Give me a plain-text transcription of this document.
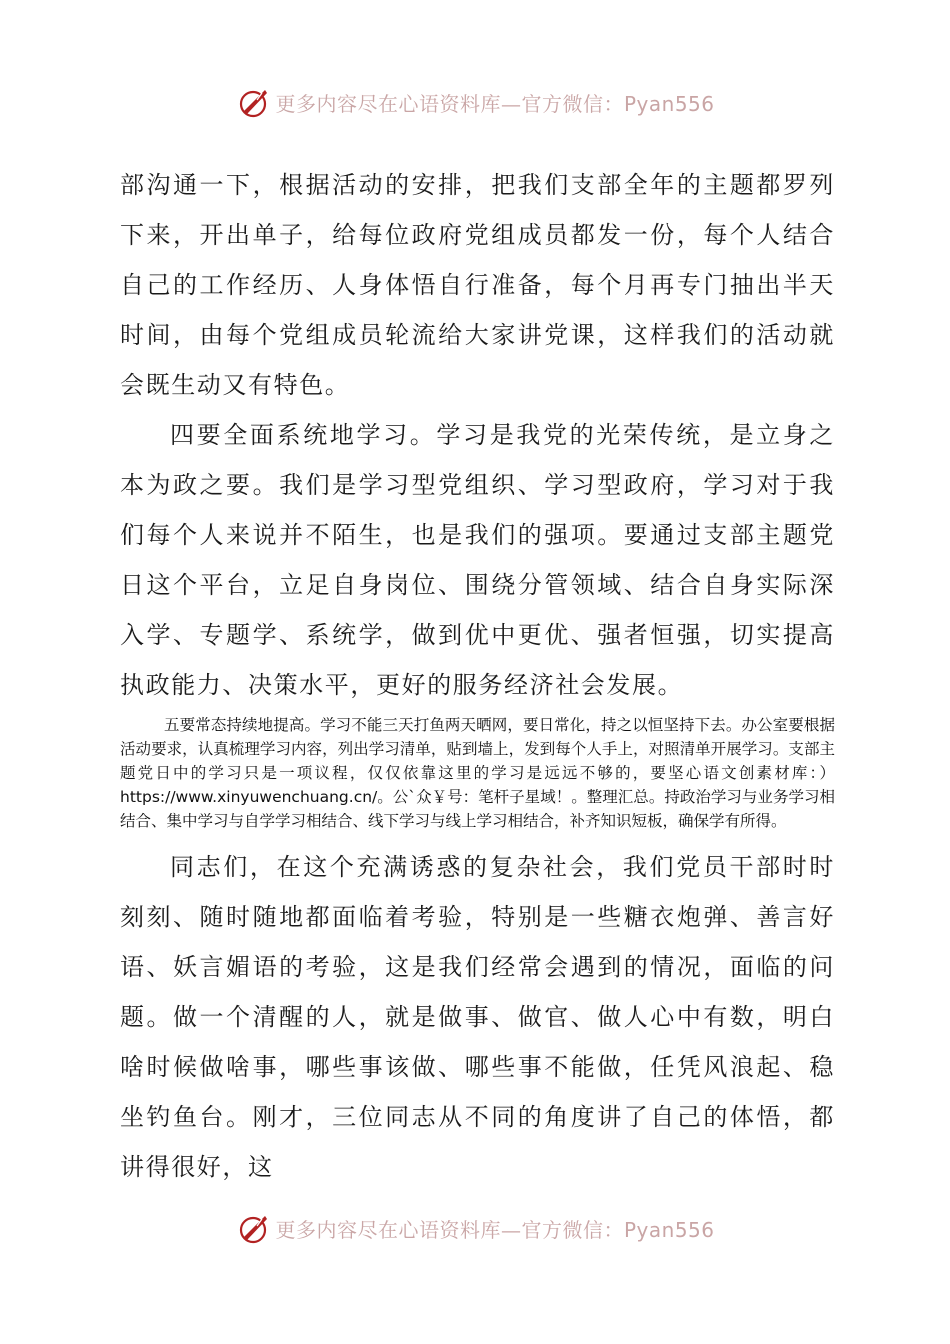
更多内容尽在心语资料库—官方微信：Pyan556

部沟通一下，根据活动的安排，把我们支部全年的主题都罗列下来，开出单子，给每位政府党组成员都发一份，每个人结合自己的工作经历、人身体悟自行准备，每个月再专门抽出半天时间，由每个党组成员轮流给大家讲党课，这样我们的活动就会既生动又有特色。

四要全面系统地学习。学习是我党的光荣传统，是立身之本为政之要。我们是学习型党组织、学习型政府，学习对于我们每个人来说并不陌生，也是我们的强项。要通过支部主题党日这个平台，立足自身岗位、围绕分管领域、结合自身实际深入学、专题学、系统学，做到优中更优、强者恒强，切实提高执政能力、决策水平，更好的服务经济社会发展。

五要常态持续地提高。学习不能三天打鱼两天晒网，要日常化，持之以恒坚持下去。办公室要根据活动要求，认真梳理学习内容，列出学习清单，贴到墙上，发到每个人手上，对照清单开展学习。支部主题党日中的学习只是一项议程，仅仅依靠这里的学习是远远不够的，要坚心语文创素材库：）https://www.xinyuwenchuang.cn/。公`众￥号：笔杆子星域！。整理汇总。持政治学习与业务学习相结合、集中学习与自学学习相结合、线下学习与线上学习相结合，补齐知识短板，确保学有所得。

同志们，在这个充满诱惑的复杂社会，我们党员干部时时刻刻、随时随地都面临着考验，特别是一些糖衣炮弹、善言好语、妖言媚语的考验，这是我们经常会遇到的情况，面临的问题。做一个清醒的人，就是做事、做官、做人心中有数，明白啥时候做啥事，哪些事该做、哪些事不能做，任凭风浪起、稳坐钓鱼台。刚才，三位同志从不同的角度讲了自己的体悟，都讲得很好，这

更多内容尽在心语资料库—官方微信：Pyan556
